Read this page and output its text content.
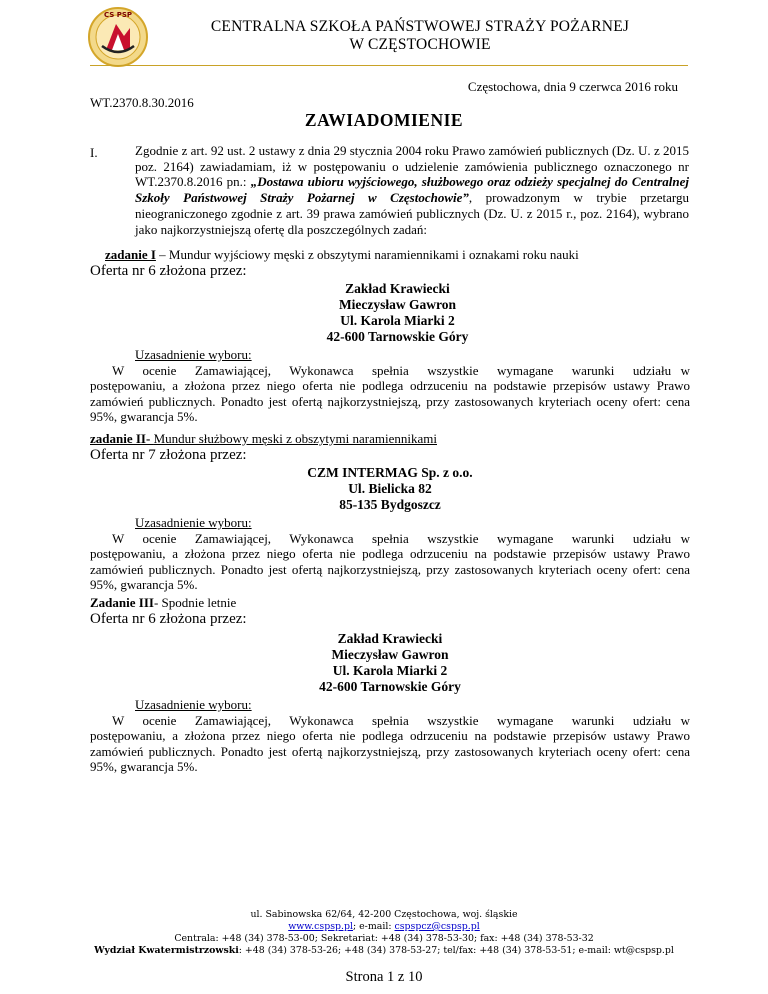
CS PSP
CENTRALNA SZKOŁA PAŃSTWOWEJ STRAŻY POŻARNEJ
W CZĘSTOCHOWIE
Częstochowa, dnia 9 czerwca 2016 roku
WT.2370.8.30.2016
ZAWIADOMIENIE
I.	Zgodnie z art. 92 ust. 2 ustawy z dnia 29 stycznia 2004 roku Prawo zamówień publicznych (Dz. U. z 2015 poz. 2164) zawiadamiam, iż w postępowaniu o udzielenie zamówienia publicznego oznaczonego nr WT.2370.8.2016 pn.: „Dostawa ubioru wyjściowego, służbowego oraz odzieży specjalnej do Centralnej Szkoły Państwowej Straży Pożarnej w Częstochowie”, prowadzonym w trybie przetargu nieograniczonego zgodnie z art. 39 prawa zamówień publicznych (Dz. U. z 2015 r., poz. 2164), wybrano jako najkorzystniejszą ofertę dla poszczególnych zadań:
zadanie I – Mundur wyjściowy męski z obszytymi naramiennikami i oznakami roku nauki
Oferta nr 6 złożona przez:
Zakład Krawiecki
Mieczysław Gawron
Ul. Karola Miarki 2
42-600 Tarnowskie Góry
Uzasadnienie wyboru:
W ocenie Zamawiającej, Wykonawca spełnia wszystkie wymagane warunki udziału w postępowaniu, a złożona przez niego oferta nie podlega odrzuceniu na podstawie przepisów ustawy Prawo zamówień publicznych. Ponadto jest ofertą najkorzystniejszą, przy zastosowanych kryteriach oceny ofert: cena 95%, gwarancja 5%.
zadanie II- Mundur służbowy męski z obszytymi naramiennikami
Oferta nr 7 złożona przez:
CZM INTERMAG Sp. z o.o.
Ul. Bielicka 82
85-135 Bydgoszcz
Uzasadnienie wyboru:
W ocenie Zamawiającej, Wykonawca spełnia wszystkie wymagane warunki udziału w postępowaniu, a złożona przez niego oferta nie podlega odrzuceniu na podstawie przepisów ustawy Prawo zamówień publicznych. Ponadto jest ofertą najkorzystniejszą, przy zastosowanych kryteriach oceny ofert: cena 95%, gwarancja 5%.
Zadanie III- Spodnie letnie
Oferta nr 6 złożona przez:
Zakład Krawiecki
Mieczysław Gawron
Ul. Karola Miarki 2
42-600 Tarnowskie Góry
Uzasadnienie wyboru:
W ocenie Zamawiającej, Wykonawca spełnia wszystkie wymagane warunki udziału w postępowaniu, a złożona przez niego oferta nie podlega odrzuceniu na podstawie przepisów ustawy Prawo zamówień publicznych. Ponadto jest ofertą najkorzystniejszą, przy zastosowanych kryteriach oceny ofert: cena 95%, gwarancja 5%.
ul. Sabinowska 62/64, 42-200 Częstochowa, woj. śląskie
www.cspsp.pl; e-mail: cspspcz@cspsp.pl
Centrala: +48 (34) 378-53-00; Sekretariat: +48 (34) 378-53-30; fax: +48 (34) 378-53-32
Wydział Kwatermistrzowski: +48 (34) 378-53-26; +48 (34) 378-53-27; tel/fax: +48 (34) 378-53-51; e-mail: wt@cspsp.pl
Strona 1 z 10
